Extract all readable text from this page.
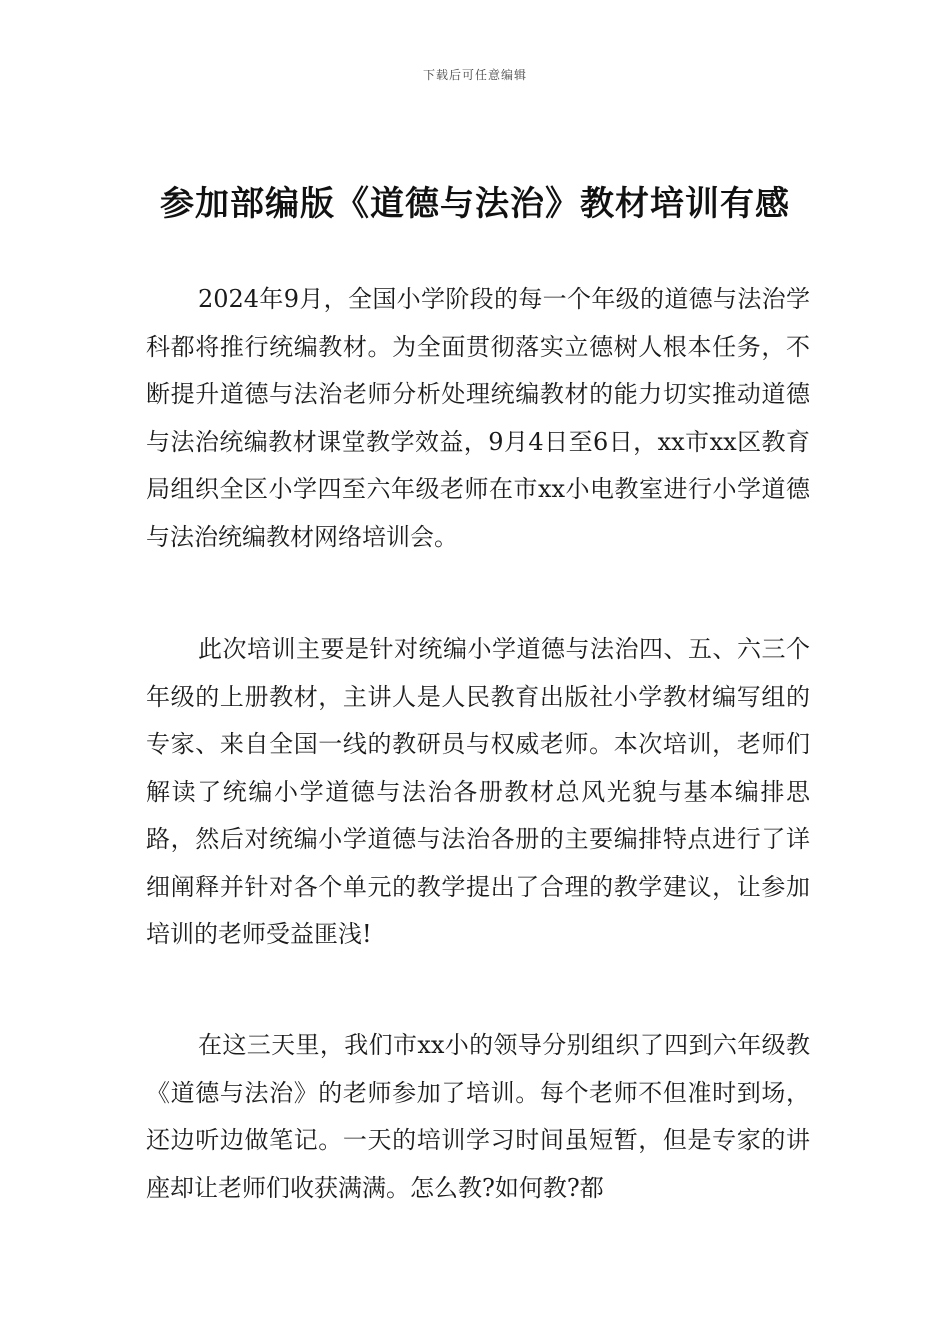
下载后可任意编辑
参加部编版《道德与法治》教材培训有感

2024年9月，全国小学阶段的每一个年级的道德与法治学科都将推行统编教材。为全面贯彻落实立德树人根本任务，不断提升道德与法治老师分析处理统编教材的能力切实推动道德与法治统编教材课堂教学效益，9月4日至6日，xx市xx区教育局组织全区小学四至六年级老师在市xx小电教室进行小学道德与法治统编教材网络培训会。

此次培训主要是针对统编小学道德与法治四、五、六三个年级的上册教材，主讲人是人民教育出版社小学教材编写组的专家、来自全国一线的教研员与权威老师。本次培训，老师们解读了统编小学道德与法治各册教材总风光貌与基本编排思路，然后对统编小学道德与法治各册的主要编排特点进行了详细阐释并针对各个单元的教学提出了合理的教学建议，让参加培训的老师受益匪浅!

在这三天里，我们市xx小的领导分别组织了四到六年级教《道德与法治》的老师参加了培训。每个老师不但准时到场，还边听边做笔记。一天的培训学习时间虽短暂，但是专家的讲座却让老师们收获满满。怎么教?如何教?都
